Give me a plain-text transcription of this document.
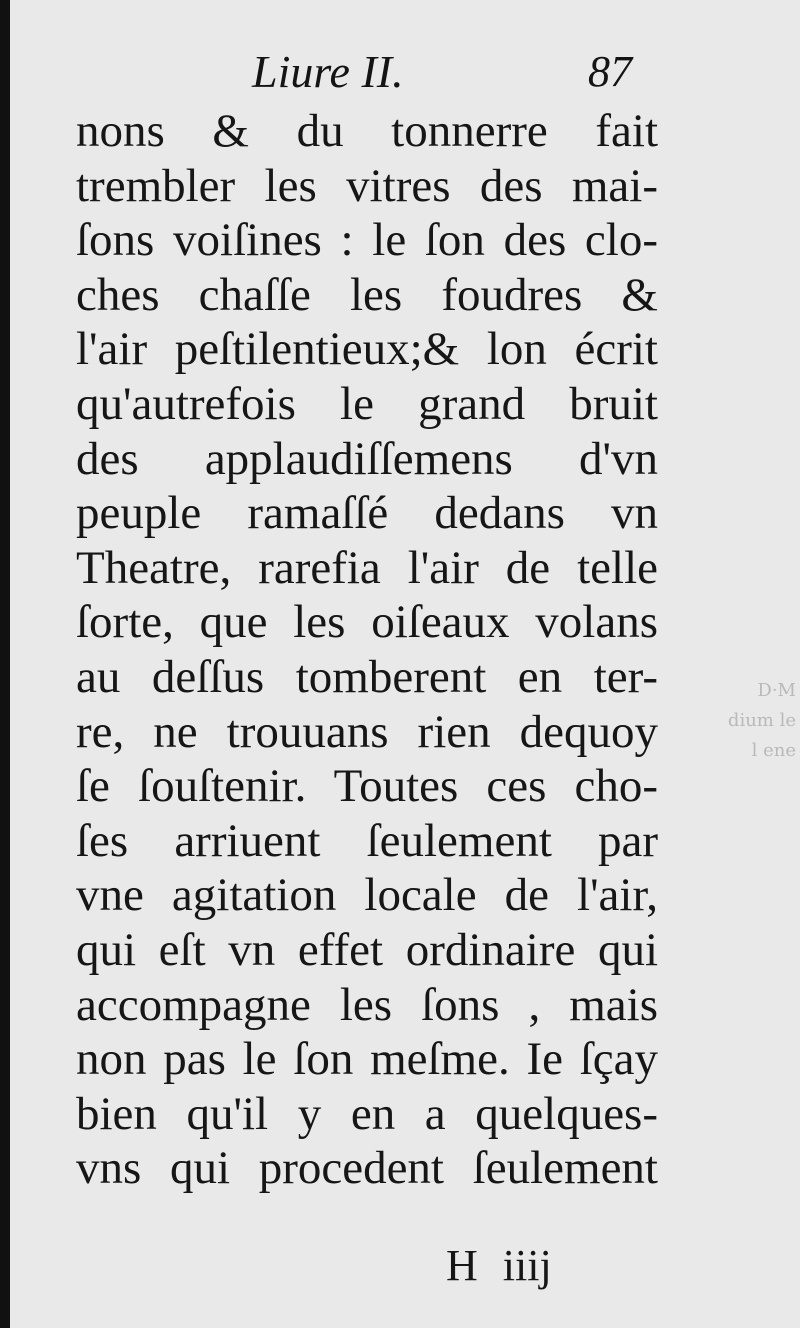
D·M
dium le
l ene
Liure II.	87
nons & du tonnerre fait
trembler les vitres des mai-
ſons voiſines : le ſon des clo-
ches chaſſe les foudres &
l'air peſtilentieux;& lon écrit
qu'autrefois le grand bruit
des applaudiſſemens d'vn
peuple ramaſſé dedans vn
Theatre, rarefia l'air de telle
ſorte, que les oiſeaux volans
au deſſus tomberent en ter-
re, ne trouuans rien dequoy
ſe ſouſtenir. Toutes ces cho-
ſes arriuent ſeulement par
vne agitation locale de l'air,
qui eſt vn effet ordinaire qui
accompagne les ſons , mais
non pas le ſon meſme. Ie ſçay
bien qu'il y en a quelques-
vns qui procedent ſeulement
H iiij
